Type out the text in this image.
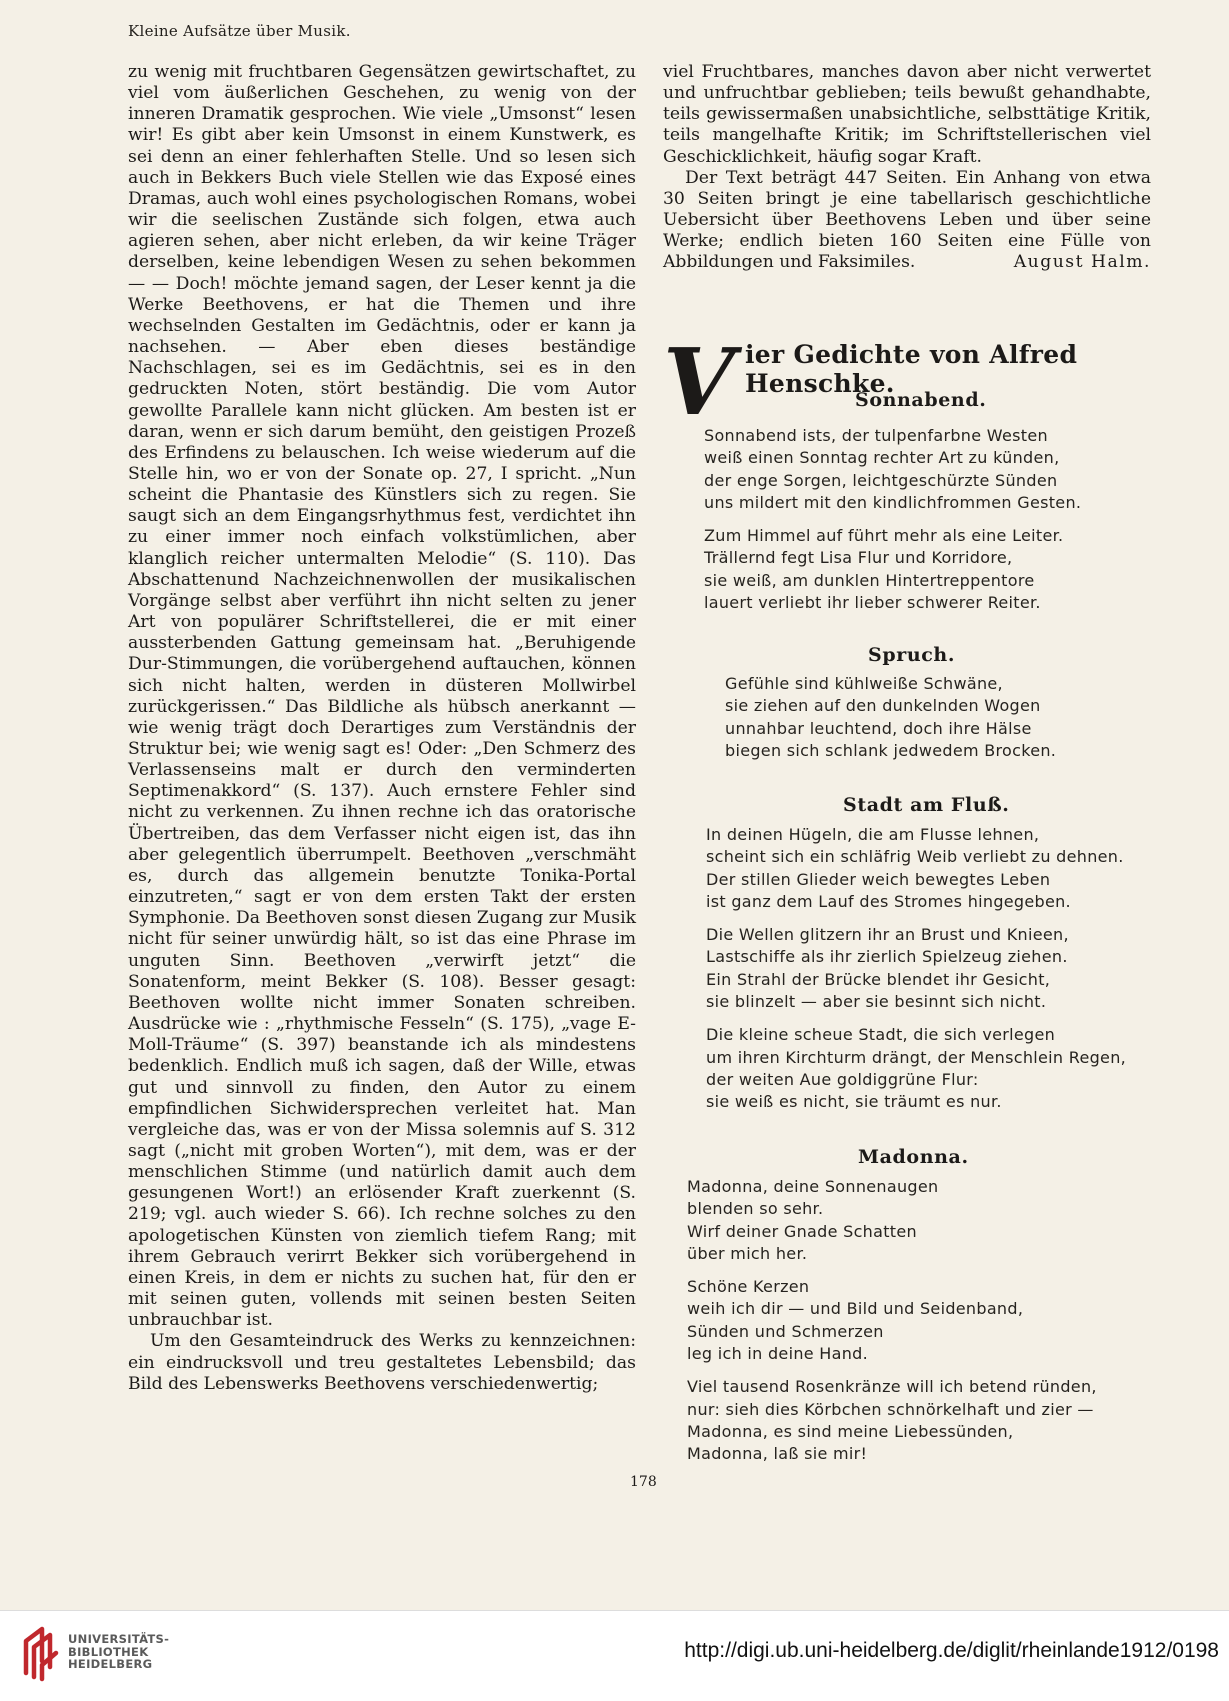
Kleine Aufsätze über Musik.

zu wenig mit fruchtbaren Gegensätzen gewirtschaftet, zu viel vom äußerlichen Geschehen, zu wenig von der inneren Dramatik gesprochen. Wie viele „Umsonst“ lesen wir! Es gibt aber kein Umsonst in einem Kunstwerk, es sei denn an einer fehlerhaften Stelle. Und so lesen sich auch in Bekkers Buch viele Stellen wie das Exposé eines Dramas, auch wohl eines psychologischen Romans, wobei wir die seelischen Zustände sich folgen, etwa auch agieren sehen, aber nicht erleben, da wir keine Träger derselben, keine lebendigen Wesen zu sehen bekommen — — Doch! möchte jemand sagen, der Leser kennt ja die Werke Beethovens, er hat die Themen und ihre wechselnden Gestalten im Gedächtnis, oder er kann ja nachsehen. — Aber eben dieses beständige Nachschlagen, sei es im Gedächtnis, sei es in den gedruckten Noten, stört beständig. Die vom Autor gewollte Parallele kann nicht glücken. Am besten ist er daran, wenn er sich darum bemüht, den geistigen Prozeß des Erfindens zu belauschen. Ich weise wiederum auf die Stelle hin, wo er von der Sonate op. 27, I spricht. „Nun scheint die Phantasie des Künstlers sich zu regen. Sie saugt sich an dem Eingangsrhythmus fest, verdichtet ihn zu einer immer noch einfach volkstümlichen, aber klanglich reicher untermalten Melodie“ (S. 110). Das Abschattenund Nachzeichnenwollen der musikalischen Vorgänge selbst aber verführt ihn nicht selten zu jener Art von populärer Schriftstellerei, die er mit einer aussterbenden Gattung gemeinsam hat. „Beruhigende Dur-Stimmungen, die vorübergehend auftauchen, können sich nicht halten, werden in düsteren Mollwirbel zurückgerissen.“ Das Bildliche als hübsch anerkannt — wie wenig trägt doch Derartiges zum Verständnis der Struktur bei; wie wenig sagt es! Oder: „Den Schmerz des Verlassenseins malt er durch den verminderten Septimenakkord“ (S. 137). Auch ernstere Fehler sind nicht zu verkennen. Zu ihnen rechne ich das oratorische Übertreiben, das dem Verfasser nicht eigen ist, das ihn aber gelegentlich überrumpelt. Beethoven „verschmäht es, durch das allgemein benutzte Tonika-Portal einzutreten,“ sagt er von dem ersten Takt der ersten Symphonie. Da Beethoven sonst diesen Zugang zur Musik nicht für seiner unwürdig hält, so ist das eine Phrase im unguten Sinn. Beethoven „verwirft jetzt“ die Sonatenform, meint Bekker (S. 108). Besser gesagt: Beethoven wollte nicht immer Sonaten schreiben. Ausdrücke wie : „rhythmische Fesseln“ (S. 175), „vage E-Moll-Träume“ (S. 397) beanstande ich als mindestens bedenklich. Endlich muß ich sagen, daß der Wille, etwas gut und sinnvoll zu finden, den Autor zu einem empfindlichen Sichwidersprechen verleitet hat. Man vergleiche das, was er von der Missa solemnis auf S. 312 sagt („nicht mit groben Worten“), mit dem, was er der menschlichen Stimme (und natürlich damit auch dem gesungenen Wort!) an erlösender Kraft zuerkennt (S. 219; vgl. auch wieder S. 66). Ich rechne solches zu den apologetischen Künsten von ziemlich tiefem Rang; mit ihrem Gebrauch verirrt Bekker sich vorübergehend in einen Kreis, in dem er nichts zu suchen hat, für den er mit seinen guten, vollends mit seinen besten Seiten unbrauchbar ist.

Um den Gesamteindruck des Werks zu kennzeichnen: ein eindrucksvoll und treu gestaltetes Lebensbild; das Bild des Lebenswerks Beethovens verschiedenwertig;

viel Fruchtbares, manches davon aber nicht verwertet und unfruchtbar geblieben; teils bewußt gehandhabte, teils gewissermaßen unabsichtliche, selbsttätige Kritik, teils mangelhafte Kritik; im Schriftstellerischen viel Geschicklichkeit, häufig sogar Kraft.

Der Text beträgt 447 Seiten. Ein Anhang von etwa 30 Seiten bringt je eine tabellarisch geschichtliche Uebersicht über Beethovens Leben und über seine Werke; endlich bieten 160 Seiten eine Fülle von Abbildungen und Faksimiles.	August Halm.

V ier Gedichte von Alfred Henschke.
Sonnabend.
Sonnabend ists, der tulpenfarbne Westen
weiß einen Sonntag rechter Art zu künden,
der enge Sorgen, leichtgeschürzte Sünden
uns mildert mit den kindlichfrommen Gesten.
Zum Himmel auf führt mehr als eine Leiter.
Trällernd fegt Lisa Flur und Korridore,
sie weiß, am dunklen Hintertreppentore
lauert verliebt ihr lieber schwerer Reiter.
Spruch.
Gefühle sind kühlweiße Schwäne,
sie ziehen auf den dunkelnden Wogen
unnahbar leuchtend, doch ihre Hälse
biegen sich schlank jedwedem Brocken.
Stadt am Fluß.
In deinen Hügeln, die am Flusse lehnen,
scheint sich ein schläfrig Weib verliebt zu dehnen.
Der stillen Glieder weich bewegtes Leben
ist ganz dem Lauf des Stromes hingegeben.
Die Wellen glitzern ihr an Brust und Knieen,
Lastschiffe als ihr zierlich Spielzeug ziehen.
Ein Strahl der Brücke blendet ihr Gesicht,
sie blinzelt — aber sie besinnt sich nicht.
Die kleine scheue Stadt, die sich verlegen
um ihren Kirchturm drängt, der Menschlein Regen,
der weiten Aue goldiggrüne Flur:
sie weiß es nicht, sie träumt es nur.
Madonna.
Madonna, deine Sonnenaugen
blenden so sehr.
Wirf deiner Gnade Schatten
über mich her.
Schöne Kerzen
weih ich dir — und Bild und Seidenband,
Sünden und Schmerzen
leg ich in deine Hand.
Viel tausend Rosenkränze will ich betend ründen,
nur: sieh dies Körbchen schnörkelhaft und zier —
Madonna, es sind meine Liebessünden,
Madonna, laß sie mir!
178
UNIVERSITÄTS-
BIBLIOTHEK
HEIDELBERG
http://digi.ub.uni-heidelberg.de/diglit/rheinlande1912/0198
